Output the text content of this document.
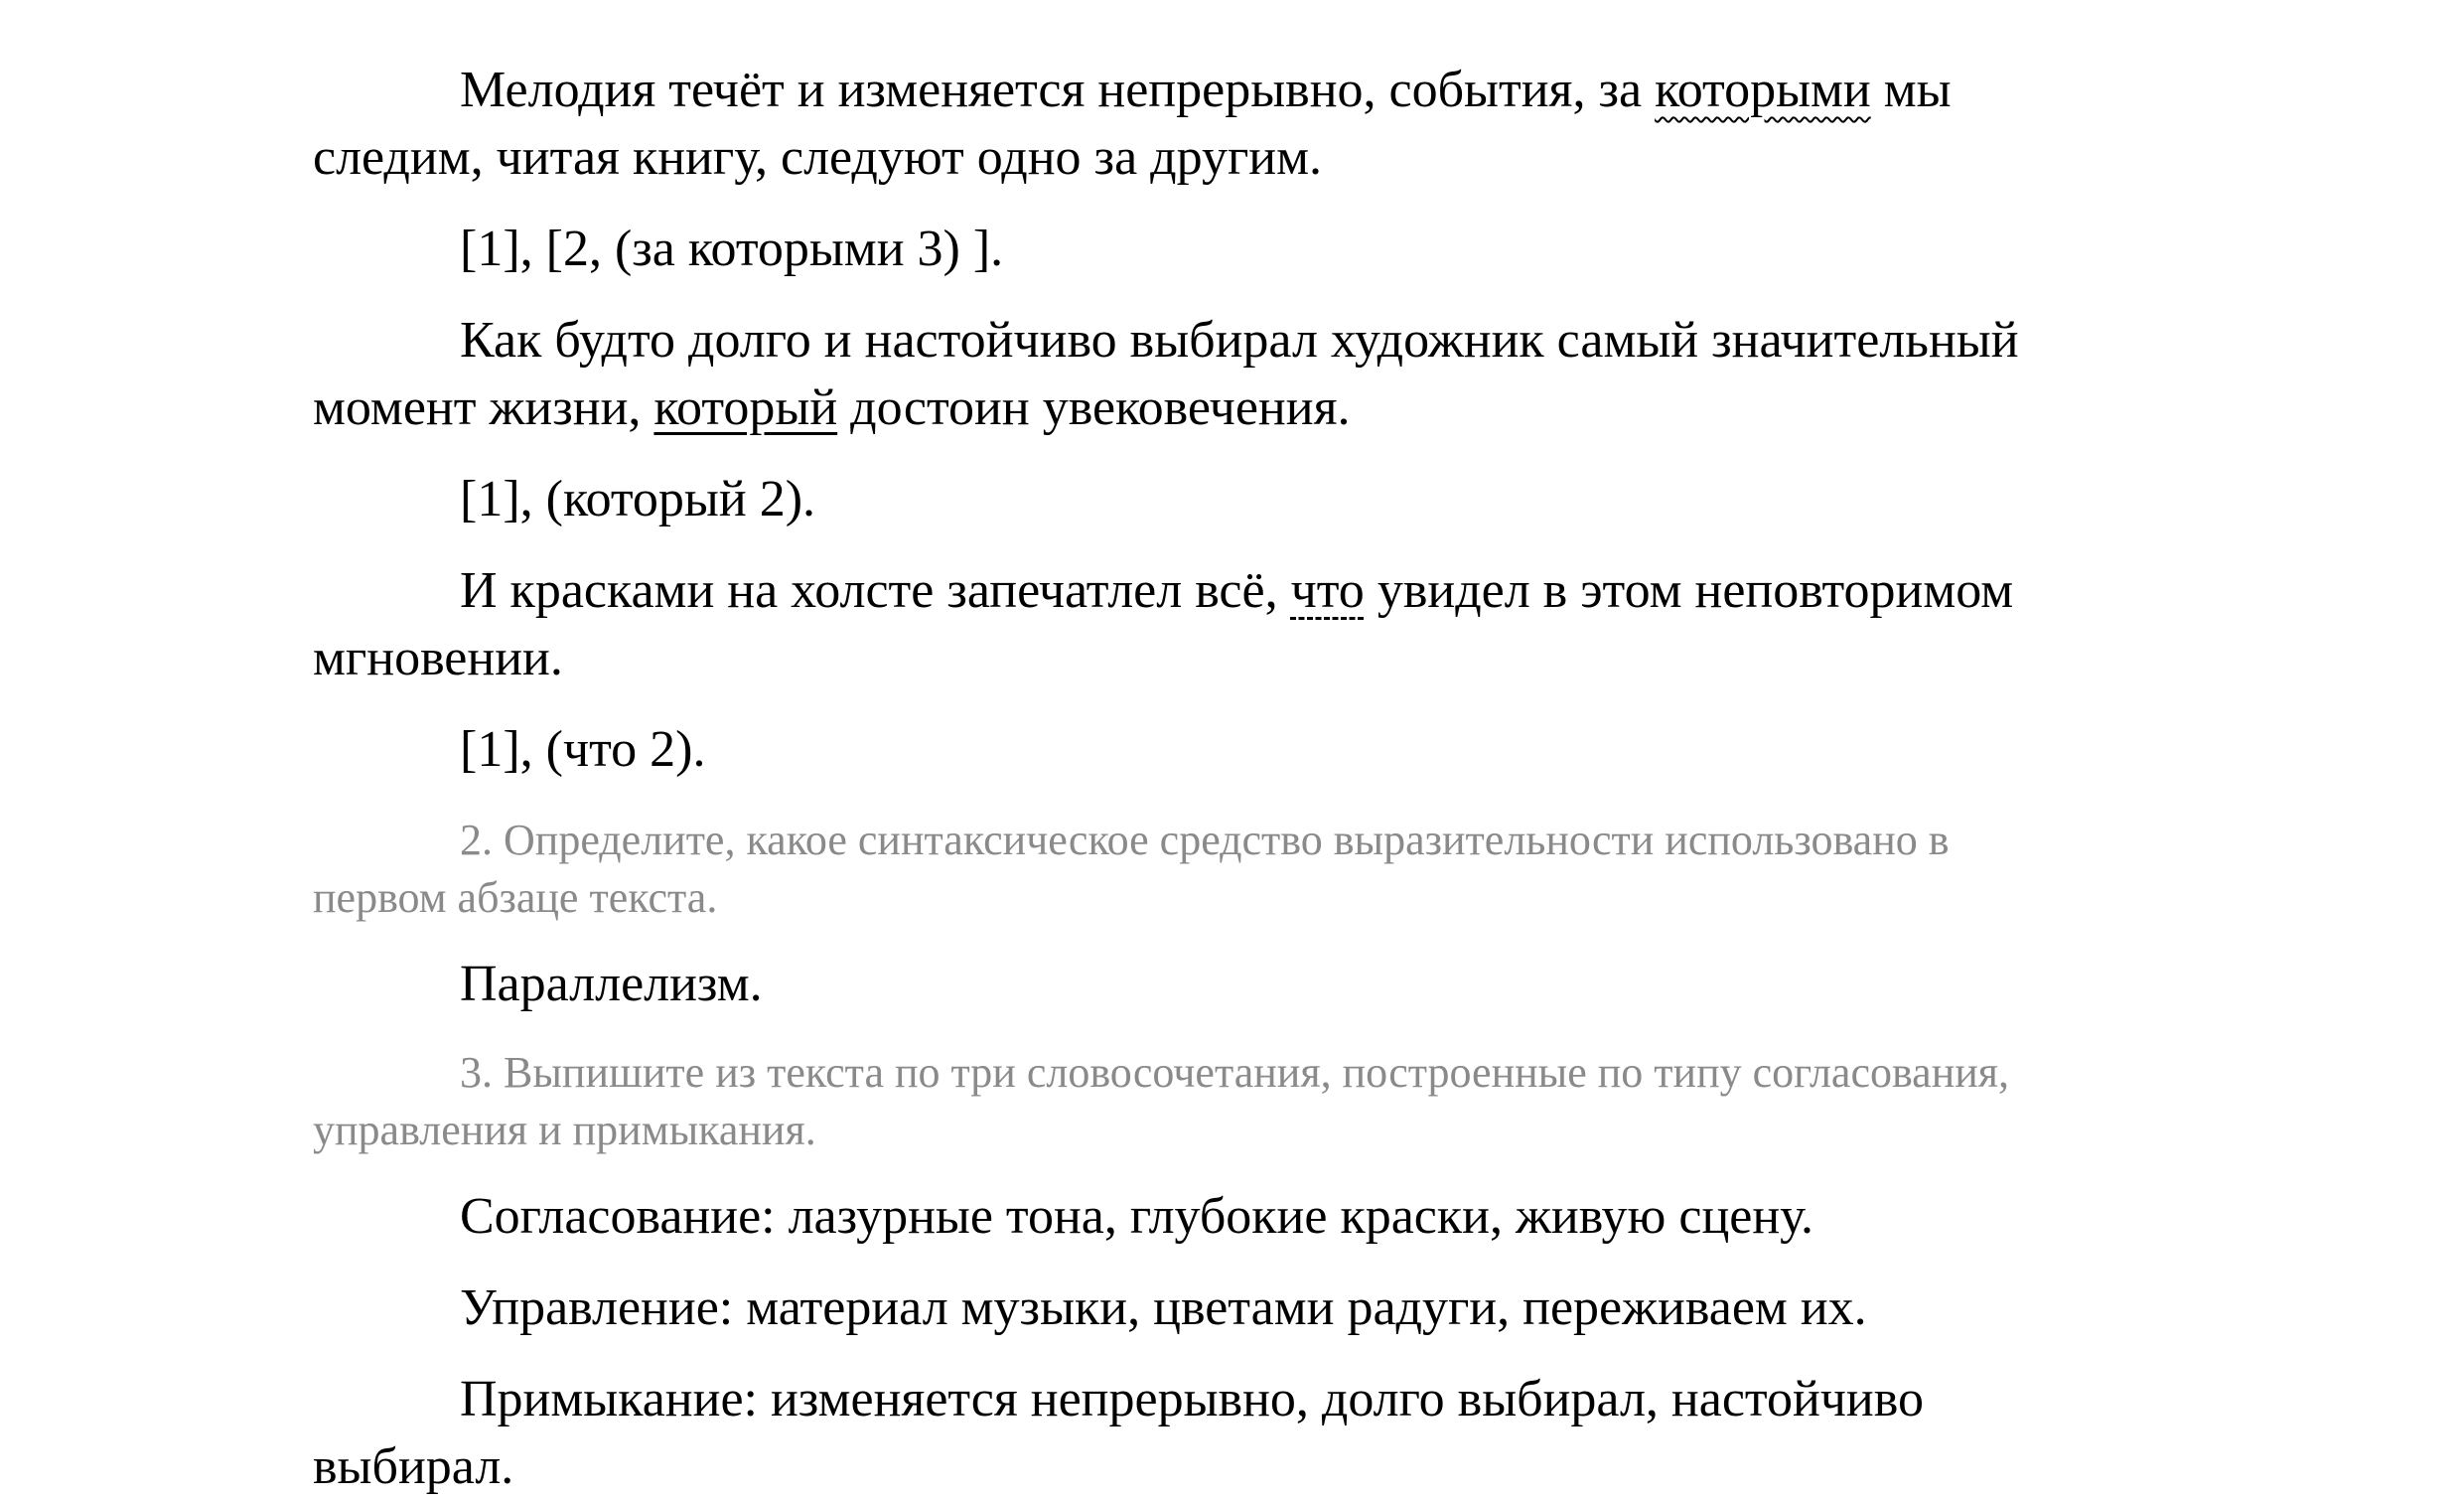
Мелодия течёт и изменяется непрерывно, события, за которыми мы
следим, читая книгу, следуют одно за другим.
[1], [2, (за которыми 3) ].
Как будто долго и настойчиво выбирал художник самый значительный
момент жизни, который достоин увековечения.
[1], (который 2).
И красками на холсте запечатлел всё, что увидел в этом неповторимом
мгновении.
[1], (что 2).
2. Определите, какое синтаксическое средство выразительности использовано в
первом абзаце текста.
Параллелизм.
3. Выпишите из текста по три словосочетания, построенные по типу согласования,
управления и примыкания.
Согласование: лазурные тона, глубокие краски, живую сцену.
Управление: материал музыки, цветами радуги, переживаем их.
Примыкание: изменяется непрерывно, долго выбирал, настойчиво
выбирал.
